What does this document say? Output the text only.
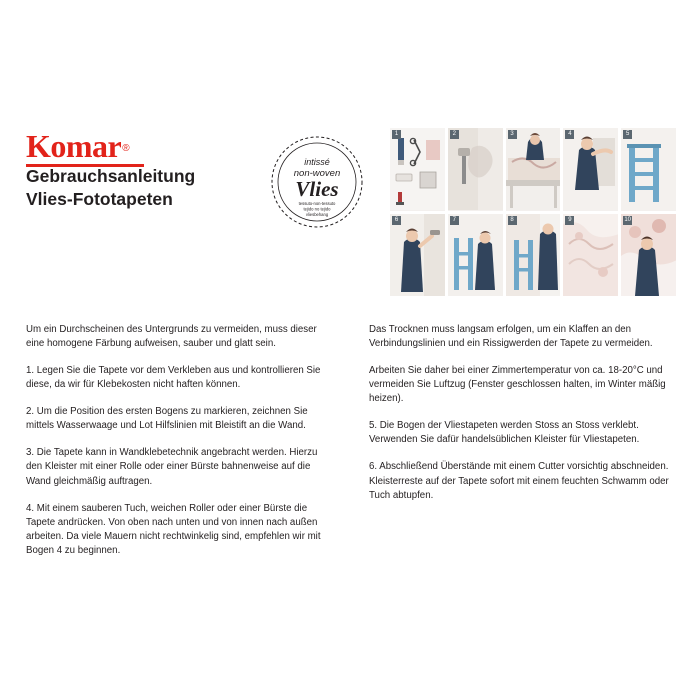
Komar®
Gebrauchsanleitung
Vlies-Fototapeten
intissé
non-woven
Vlies
tessuto-non-tessuto
tejido no tejido
vliesbehang
1	2	3	4	5
6	7	8	9	10

Um ein Durchscheinen des Untergrunds zu vermeiden, muss dieser eine homogene Färbung aufweisen, sauber und glatt sein.

1. Legen Sie die Tapete vor dem Verkleben aus und kontrollieren Sie diese, da wir für Klebekosten nicht haften können.

2. Um die Position des ersten Bogens zu markieren, zeichnen Sie mittels Wasserwaage und Lot Hilfslinien mit Bleistift an die Wand.

3. Die Tapete kann in Wandklebetechnik angebracht werden. Hierzu den Kleister mit einer Rolle oder einer Bürste bahnenweise auf die Wand gleichmäßig auftragen.

4. Mit einem sauberen Tuch, weichen Roller oder einer Bürste die Tapete andrücken. Von oben nach unten und von innen nach außen arbeiten. Da viele Mauern nicht rechtwinkelig sind, empfehlen wir mit Bogen 4 zu beginnen.

Das Trocknen muss langsam erfolgen, um ein Klaffen an den Verbindungslinien und ein Rissigwerden der Tapete zu vermeiden.

Arbeiten Sie daher bei einer Zimmertemperatur von ca. 18-20°C und vermeiden Sie Luftzug (Fenster geschlossen halten, im Winter mäßig heizen).

5. Die Bogen der Vliestapeten werden Stoss an Stoss verklebt. Verwenden Sie dafür handelsüblichen Kleister für Vliestapeten.

6. Abschließend Überstände mit einem Cutter vorsichtig abschneiden. Kleisterreste auf der Tapete sofort mit einem feuchten Schwamm oder Tuch abtupfen.
